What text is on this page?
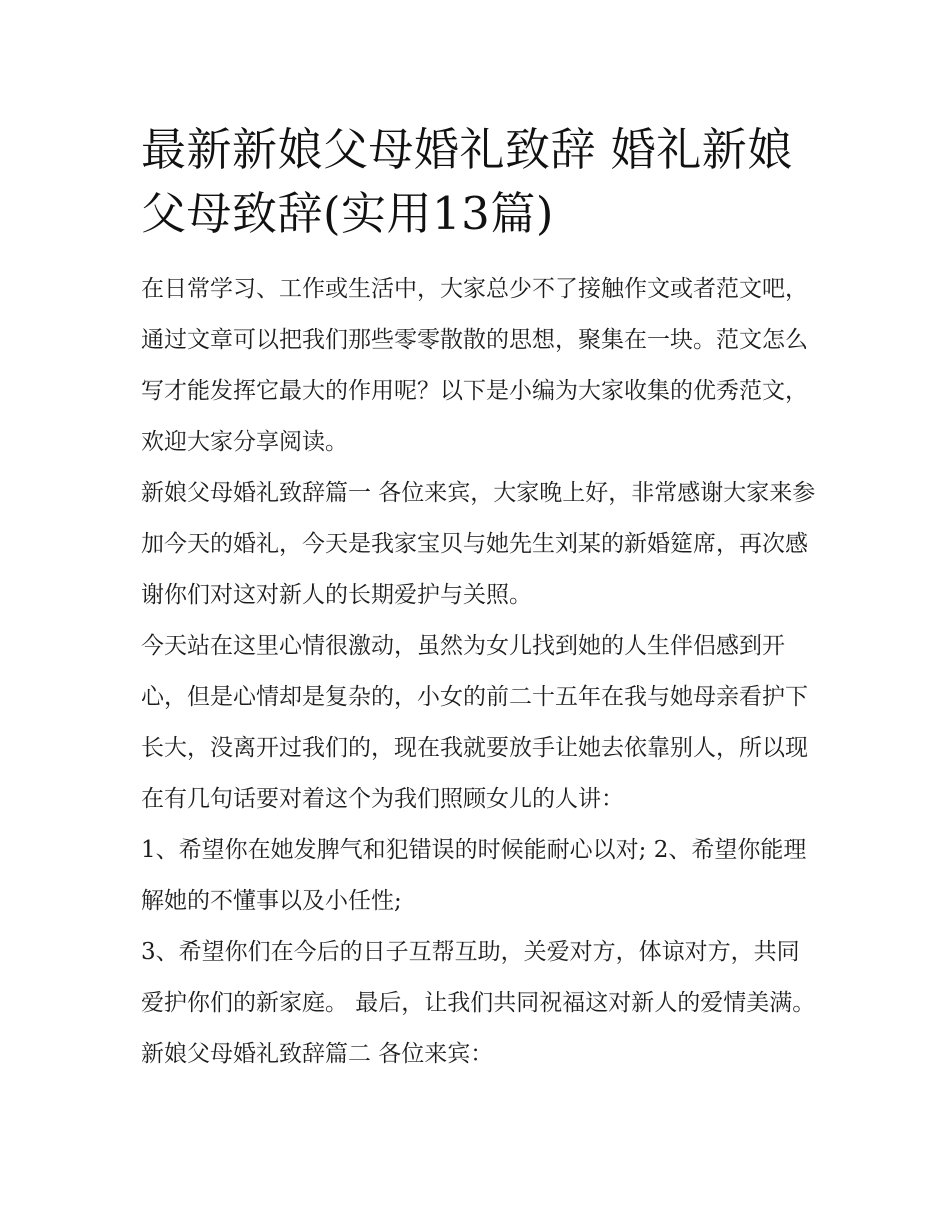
最新新娘父母婚礼致辞 婚礼新娘父母致辞(实用13篇)

在日常学习、工作或生活中，大家总少不了接触作文或者范文吧，通过文章可以把我们那些零零散散的思想，聚集在一块。范文怎么写才能发挥它最大的作用呢？以下是小编为大家收集的优秀范文，欢迎大家分享阅读。

新娘父母婚礼致辞篇一 各位来宾，大家晚上好，非常感谢大家来参加今天的婚礼，今天是我家宝贝与她先生刘某的新婚筵席，再次感谢你们对这对新人的长期爱护与关照。

今天站在这里心情很激动，虽然为女儿找到她的人生伴侣感到开心，但是心情却是复杂的，小女的前二十五年在我与她母亲看护下长大，没离开过我们的，现在我就要放手让她去依靠别人，所以现在有几句话要对着这个为我们照顾女儿的人讲：

1、希望你在她发脾气和犯错误的时候能耐心以对; 2、希望你能理解她的不懂事以及小任性;

3、希望你们在今后的日子互帮互助，关爱对方，体谅对方，共同爱护你们的新家庭。 最后，让我们共同祝福这对新人的爱情美满。 新娘父母婚礼致辞篇二 各位来宾：
